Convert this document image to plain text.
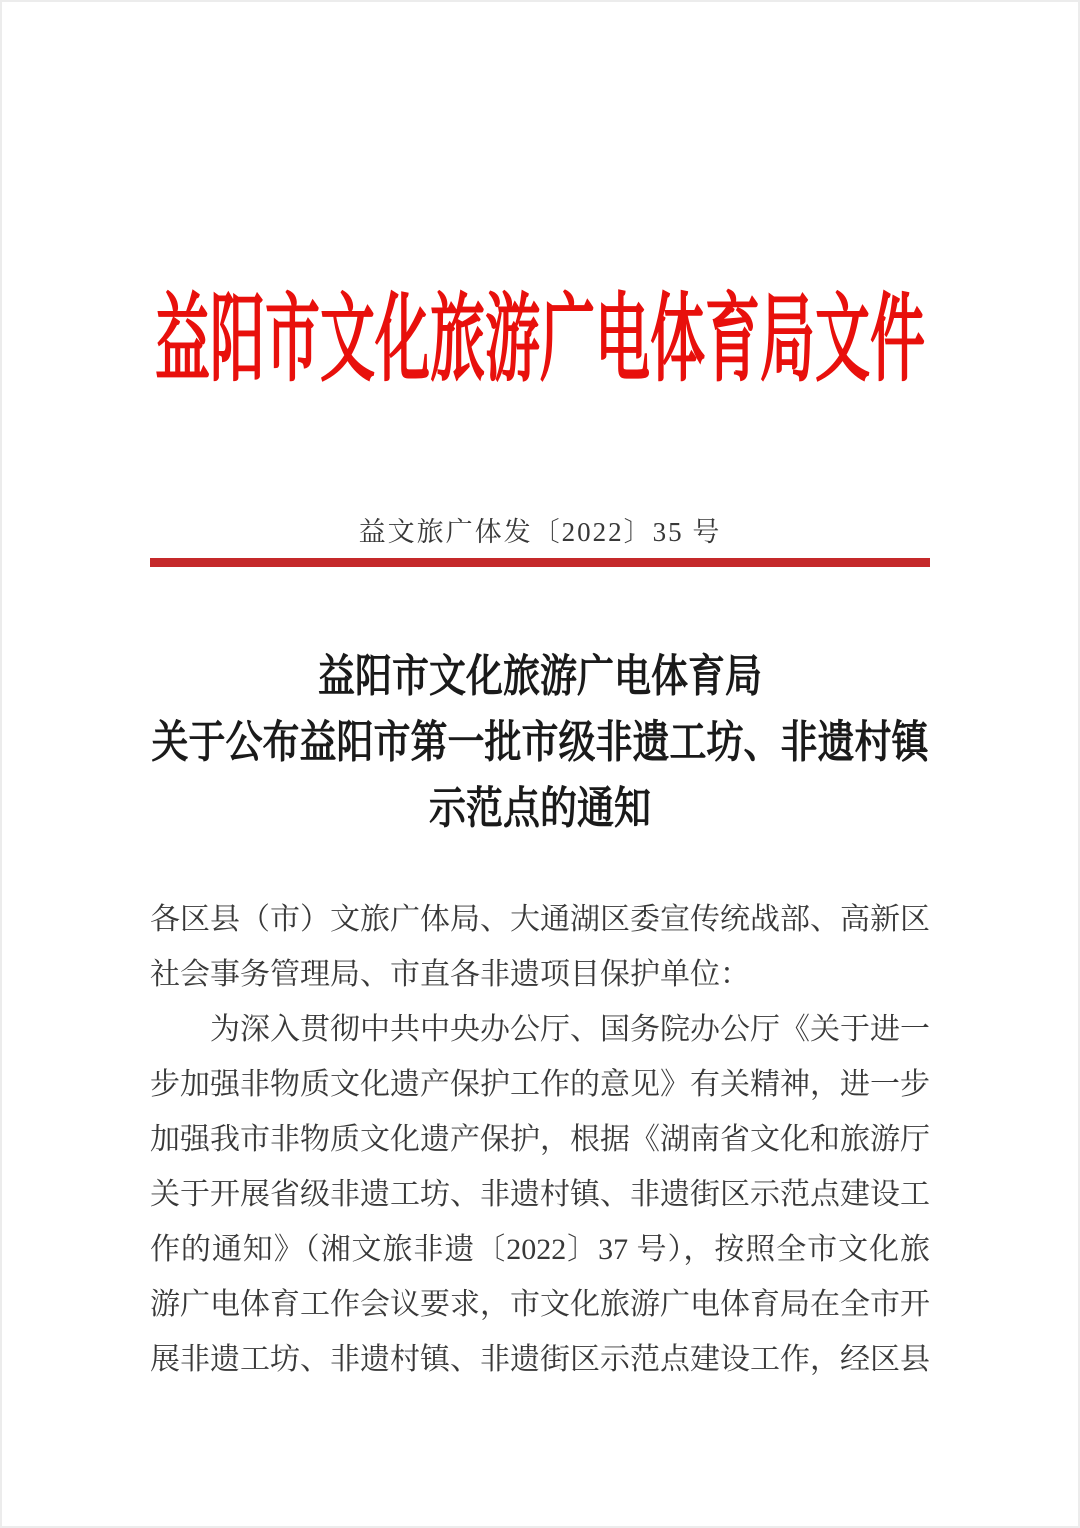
益阳市文化旅游广电体育局文件
益文旅广体发〔2022〕35 号
益阳市文化旅游广电体育局
关于公布益阳市第一批市级非遗工坊、非遗村镇
示范点的通知

各区县（市）文旅广体局、大通湖区委宣传统战部、高新区社会事务管理局、市直各非遗项目保护单位：

为深入贯彻中共中央办公厅、国务院办公厅《关于进一步加强非物质文化遗产保护工作的意见》有关精神，进一步加强我市非物质文化遗产保护，根据《湖南省文化和旅游厅关于开展省级非遗工坊、非遗村镇、非遗街区示范点建设工作的通知》（湘文旅非遗〔2022〕37 号），按照全市文化旅游广电体育工作会议要求，市文化旅游广电体育局在全市开展非遗工坊、非遗村镇、非遗街区示范点建设工作，经区县
